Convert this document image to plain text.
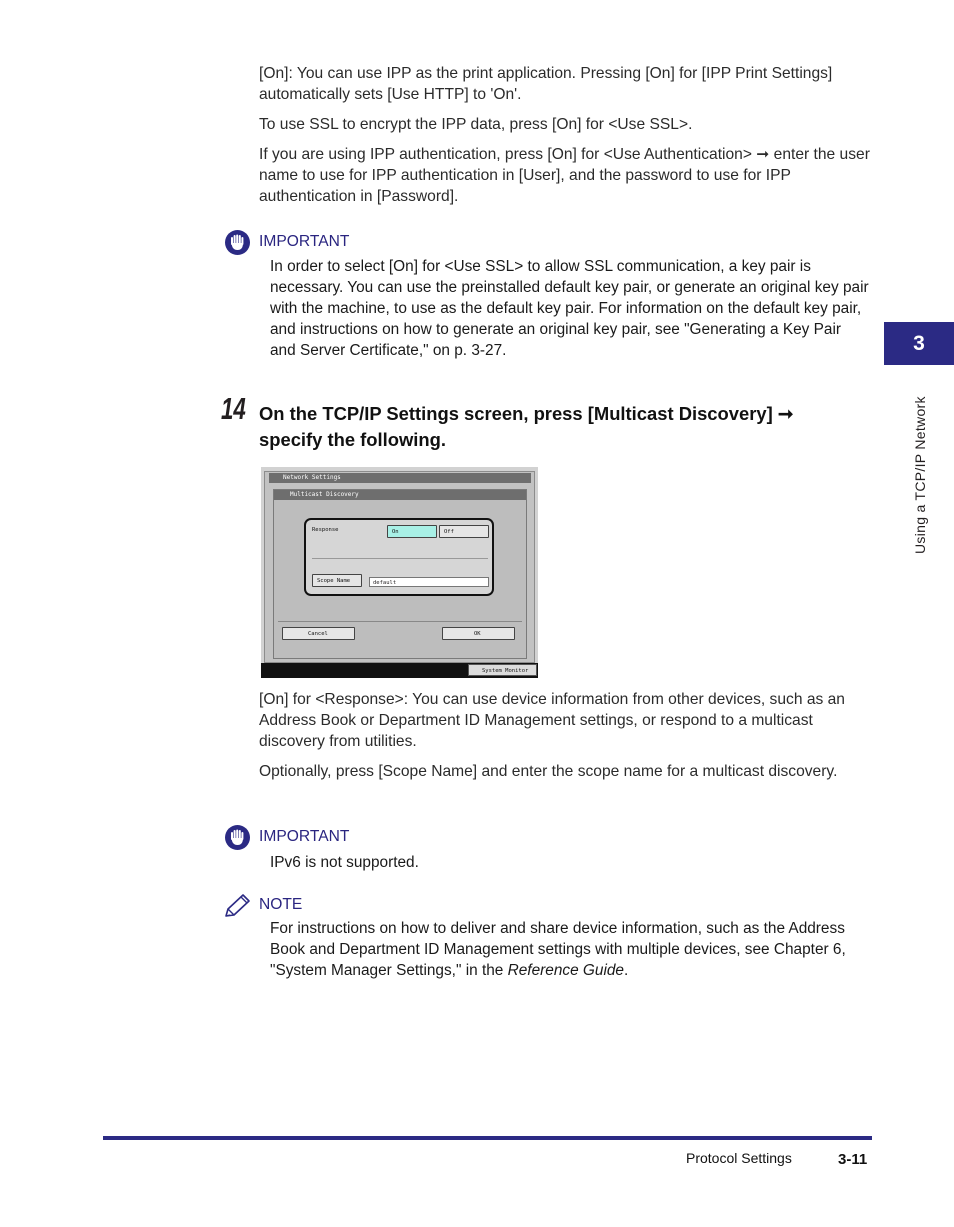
[On]: You can use IPP as the print application. Pressing [On] for [IPP Print Settings] automatically sets [Use HTTP] to 'On'.
To use SSL to encrypt the IPP data, press [On] for <Use SSL>.
If you are using IPP authentication, press [On] for <Use Authentication> ➞ enter the user name to use for IPP authentication in [User], and the password to use for IPP authentication in [Password].
IMPORTANT
In order to select [On] for <Use SSL> to allow SSL communication, a key pair is necessary. You can use the preinstalled default key pair, or generate an original key pair with the machine, to use as the default key pair. For information on the default key pair, and instructions on how to generate an original key pair, see "Generating a Key Pair and Server Certificate," on p. 3-27.
14 On the TCP/IP Settings screen, press [Multicast Discovery] ➞ specify the following.
Network Settings
Multicast Discovery
Response	On	Off
Scope Name	default
Cancel	OK
System Monitor
[On] for <Response>: You can use device information from other devices, such as an Address Book or Department ID Management settings, or respond to a multicast discovery from utilities.
Optionally, press [Scope Name] and enter the scope name for a multicast discovery.
IMPORTANT
IPv6 is not supported.
NOTE
For instructions on how to deliver and share device information, such as the Address Book and Department ID Management settings with multiple devices, see Chapter 6, "System Manager Settings," in the Reference Guide.
3
Using a TCP/IP Network
Protocol Settings	3-11
